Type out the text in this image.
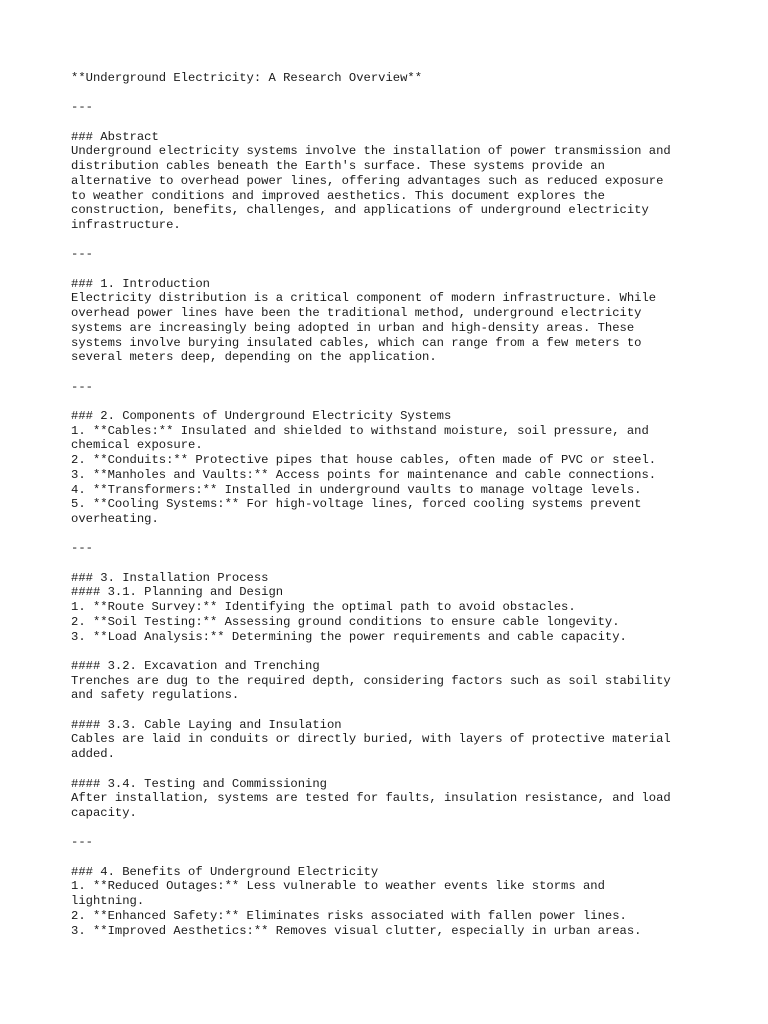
**Underground Electricity: A Research Overview**
---
### Abstract
Underground electricity systems involve the installation of power transmission and
distribution cables beneath the Earth's surface. These systems provide an
alternative to overhead power lines, offering advantages such as reduced exposure
to weather conditions and improved aesthetics. This document explores the
construction, benefits, challenges, and applications of underground electricity
infrastructure.
---
### 1. Introduction
Electricity distribution is a critical component of modern infrastructure. While
overhead power lines have been the traditional method, underground electricity
systems are increasingly being adopted in urban and high-density areas. These
systems involve burying insulated cables, which can range from a few meters to
several meters deep, depending on the application.
---
### 2. Components of Underground Electricity Systems
1. **Cables:** Insulated and shielded to withstand moisture, soil pressure, and
chemical exposure.
2. **Conduits:** Protective pipes that house cables, often made of PVC or steel.
3. **Manholes and Vaults:** Access points for maintenance and cable connections.
4. **Transformers:** Installed in underground vaults to manage voltage levels.
5. **Cooling Systems:** For high-voltage lines, forced cooling systems prevent
overheating.
---
### 3. Installation Process
#### 3.1. Planning and Design
1. **Route Survey:** Identifying the optimal path to avoid obstacles.
2. **Soil Testing:** Assessing ground conditions to ensure cable longevity.
3. **Load Analysis:** Determining the power requirements and cable capacity.
#### 3.2. Excavation and Trenching
Trenches are dug to the required depth, considering factors such as soil stability
and safety regulations.
#### 3.3. Cable Laying and Insulation
Cables are laid in conduits or directly buried, with layers of protective material
added.
#### 3.4. Testing and Commissioning
After installation, systems are tested for faults, insulation resistance, and load
capacity.
---
### 4. Benefits of Underground Electricity
1. **Reduced Outages:** Less vulnerable to weather events like storms and
lightning.
2. **Enhanced Safety:** Eliminates risks associated with fallen power lines.
3. **Improved Aesthetics:** Removes visual clutter, especially in urban areas.
